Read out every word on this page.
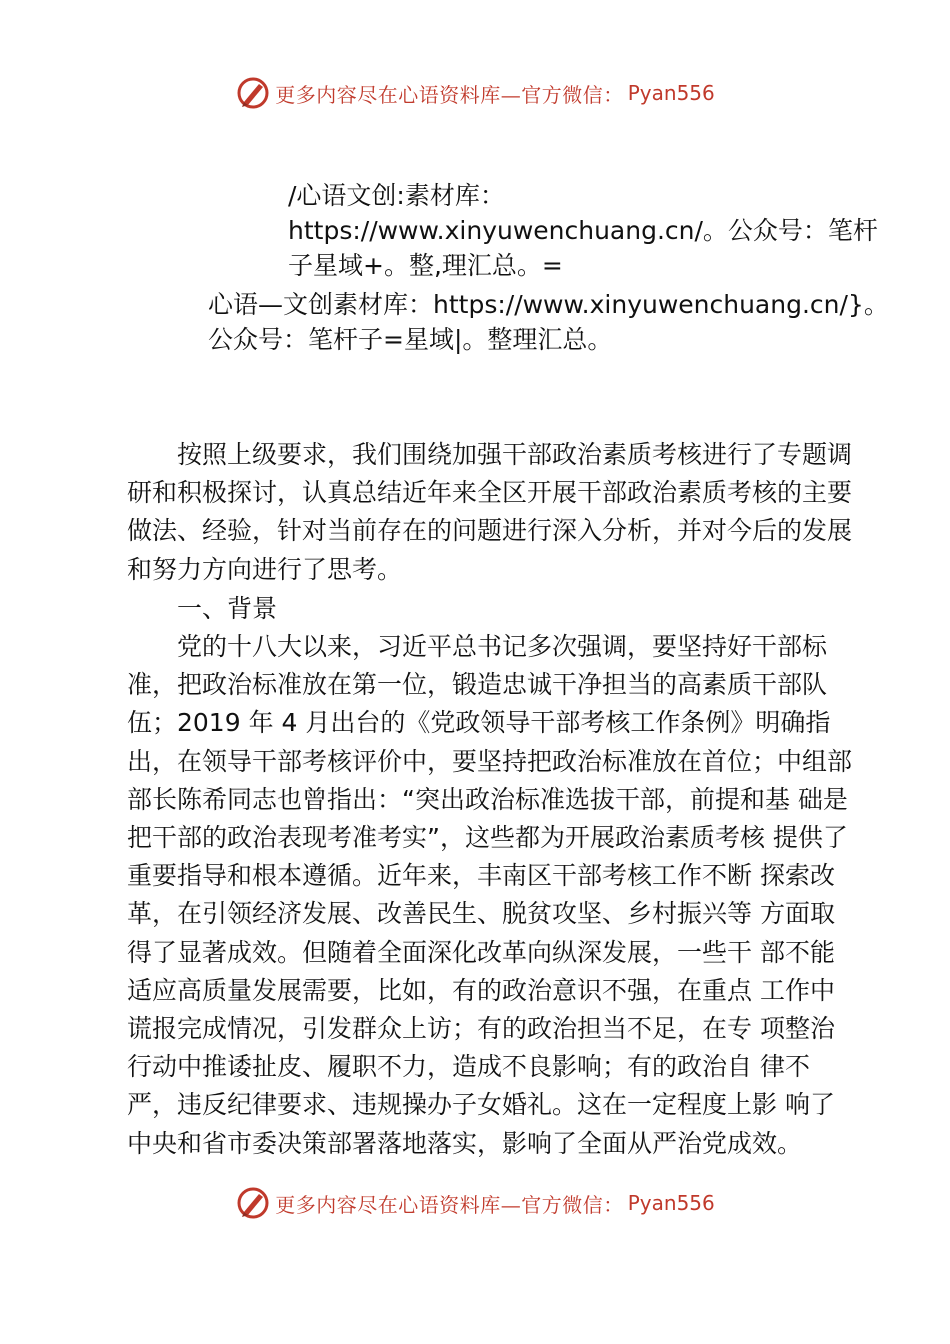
更多内容尽在心语资料库—官方微信： Pyan556
/心语文创:素材库：https://www.xinyuwenchuang.cn/。公众号：笔杆子星域+。整,理汇总。=
心语—文创素材库：https://www.xinyuwenchuang.cn/}。公众号：笔杆子=星域|。整理汇总。

按照上级要求，我们围绕加强干部政治素质考核进行了专题调研和积极探讨，认真总结近年来全区开展干部政治素质考核的主要做法、经验，针对当前存在的问题进行深入分析，并对今后的发展和努力方向进行了思考。

一、背景

党的十八大以来，习近平总书记多次强调，要坚持好干部标 准，把政治标准放在第一位，锻造忠诚干净担当的高素质干部队 伍；2019 年 4 月出台的《党政领导干部考核工作条例》明确指出，在领导干部考核评价中，要坚持把政治标准放在首位；中组部部长陈希同志也曾指出：“突出政治标准选拔干部，前提和基 础是把干部的政治表现考准考实”，这些都为开展政治素质考核 提供了重要指导和根本遵循。近年来，丰南区干部考核工作不断 探索改革，在引领经济发展、改善民生、脱贫攻坚、乡村振兴等 方面取得了显著成效。但随着全面深化改革向纵深发展，一些干 部不能适应高质量发展需要，比如，有的政治意识不强，在重点 工作中谎报完成情况，引发群众上访；有的政治担当不足，在专 项整治行动中推诿扯皮、履职不力，造成不良影响；有的政治自 律不严，违反纪律要求、违规操办子女婚礼。这在一定程度上影 响了中央和省市委决策部署落地落实，影响了全面从严治党成效。

更多内容尽在心语资料库—官方微信： Pyan556
